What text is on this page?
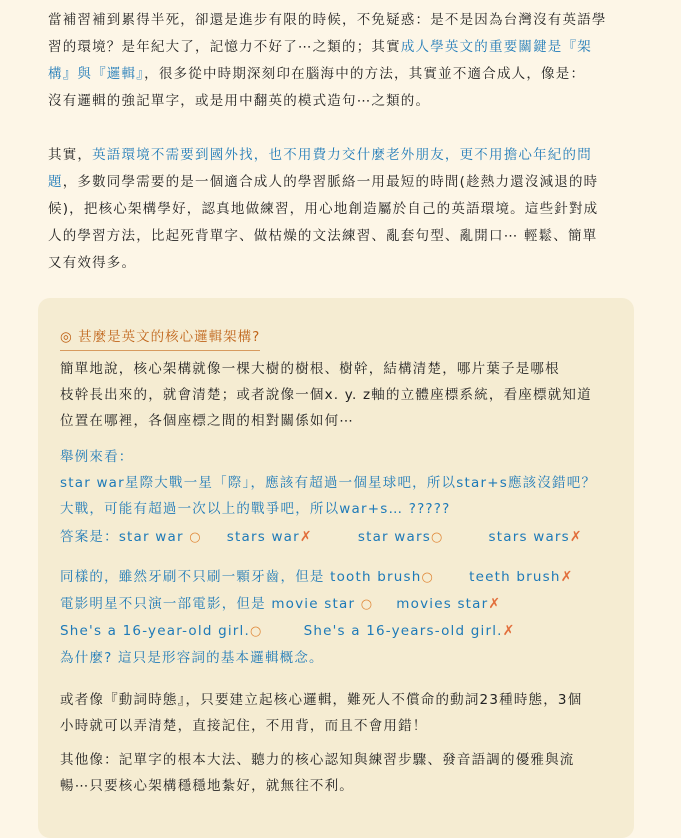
當補習補到累得半死，卻還是進步有限的時候，不免疑惑：是不是因為台灣沒有英語學
習的環境？是年紀大了，記憶力不好了⋯之類的；其實成人學英文的重要關鍵是『架
構』與『邏輯』，很多從中時期深刻印在腦海中的方法，其實並不適合成人，像是：
沒有邏輯的強記單字，或是用中翻英的模式造句⋯之類的。
其實，英語環境不需要到國外找，也不用費力交什麼老外朋友，更不用擔心年紀的問
題，多數同學需要的是一個適合成人的學習脈絡一用最短的時間(趁熱力還沒減退的時
候)，把核心架構學好，認真地做練習，用心地創造屬於自己的英語環境。這些針對成
人的學習方法，比起死背單字、做枯燥的文法練習、亂套句型、亂開口⋯ 輕鬆、簡單
又有效得多。
◎ 甚麼是英文的核心邏輯架構?
簡單地說，核心架構就像一棵大樹的樹根、樹幹，結構清楚，哪片葉子是哪根
枝幹長出來的，就會清楚；或者說像一個x. y. z軸的立體座標系統，看座標就知道
位置在哪裡，各個座標之間的相對關係如何⋯
舉例來看：
star war星際大戰一星「際」，應該有超過一個星球吧，所以star+s應該沒錯吧？
大戰，可能有超過一次以上的戰爭吧，所以war+s… ?????
答案是：star war ○ stars war✗	star wars○	stars wars✗
同樣的，雖然牙刷不只刷一顆牙齒，但是 tooth brush○	teeth brush✗
電影明星不只演一部電影，但是 movie star ○ movies star✗
She's a 16-year-old girl.○	She's a 16-years-old girl.✗
為什麼? 這只是形容詞的基本邏輯概念。
或者像『動詞時態』，只要建立起核心邏輯，難死人不償命的動詞23種時態，3個
小時就可以弄清楚，直接記住，不用背，而且不會用錯！
其他像：記單字的根本大法、聽力的核心認知與練習步驟、發音語調的優雅與流
暢⋯只要核心架構穩穩地紮好，就無往不利。
